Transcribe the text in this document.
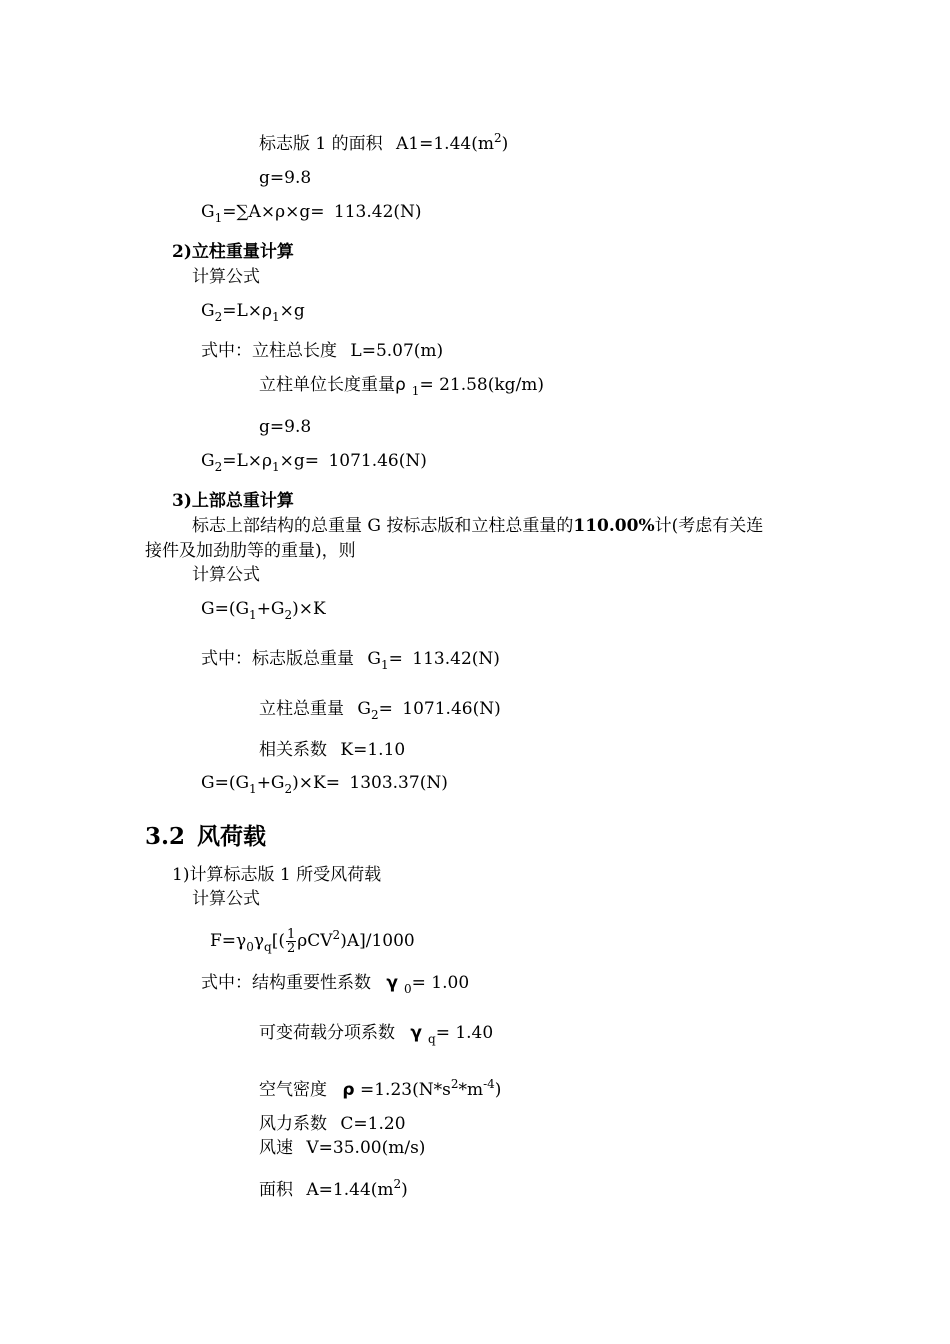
标志版 1 的面积 $A1=1.44(m^2)$
g=9.8
$G_1=\sum A\times\rho\times g= 113.42(N)$
2)立柱重量计算
计算公式
$G_2=L\times\rho_1\times g$
式中：立柱总长度 L=5.07(m)
立柱单位长度重量ρ $_1$= 21.58(kg/m)
g=9.8
$G_2=L\times\rho_1\times g= 1071.46(N)$
3)上部总重计算
标志上部结构的总重量 G 按标志版和立柱总重量的110.00%计(考虑有关连
接件及加劲肋等的重量)，则
计算公式
$G=(G_1+G_2)\times K$
式中：标志版总重量 $G_1= 113.42(N)$
立柱总重量 $G_2= 1071.46(N)$
相关系数 K=1.10
$G=(G_1+G_2)\times K= 1303.37(N)$
3.2 风荷载
1)计算标志版 1 所受风荷载
计算公式
$F=\gamma_0\gamma_q[( \frac{1}{2} \rho CV^2)A]/1000$
式中：结构重要性系数 γ $_0$= 1.00
可变荷载分项系数 γ $_q$= 1.40
空气密度 $\rho =1.23(N*s^2*m^{-4})$
风力系数 C=1.20
风速 V=35.00(m/s)
面积 $A=1.44(m^2)$
